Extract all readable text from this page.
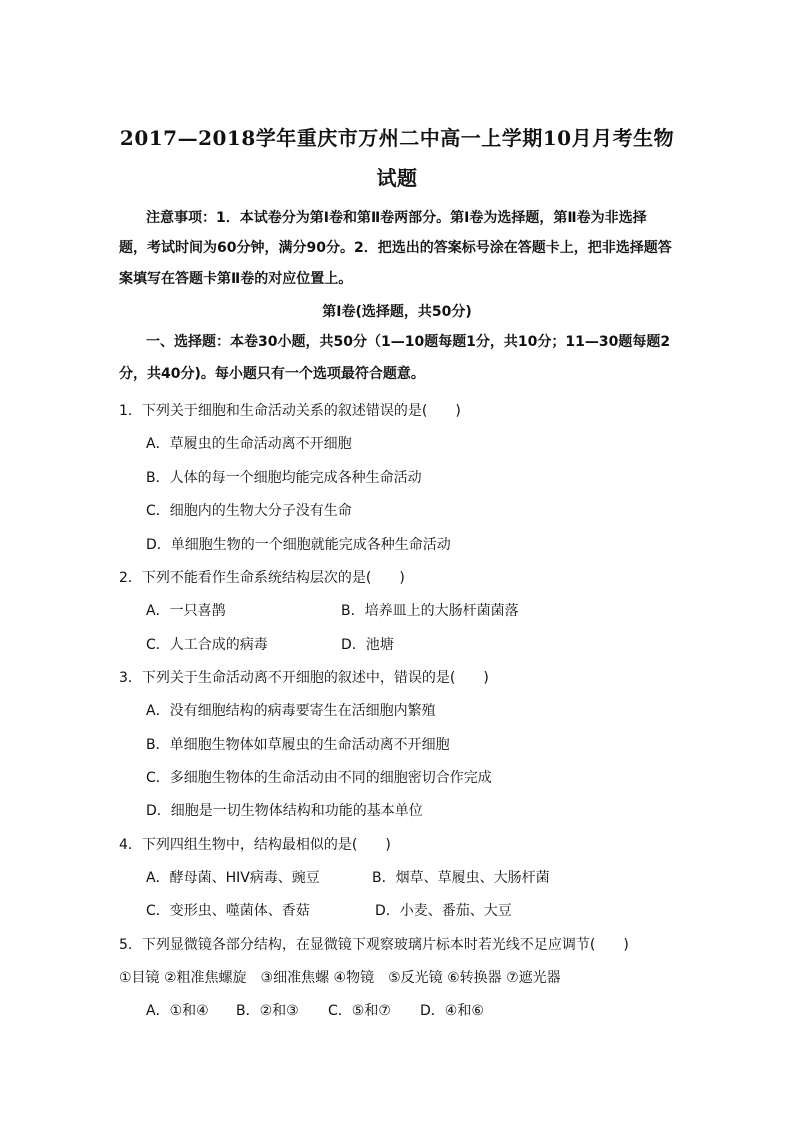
2017—2018学年重庆市万州二中高一上学期10月月考生物
试题
注意事项：1．本试卷分为第Ⅰ卷和第Ⅱ卷两部分。第Ⅰ卷为选择题，第Ⅱ卷为非选择
题，考试时间为60分钟，满分90分。2．把选出的答案标号涂在答题卡上，把非选择题答
案填写在答题卡第Ⅱ卷的对应位置上。
第Ⅰ卷(选择题，共50分)
一、选择题：本卷30小题，共50分（1—10题每题1分，共10分；11—30题每题2
分，共40分)。每小题只有一个选项最符合题意。
1．下列关于细胞和生命活动关系的叙述错误的是(　　)
A．草履虫的生命活动离不开细胞
B．人体的每一个细胞均能完成各种生命活动
C．细胞内的生物大分子没有生命
D．单细胞生物的一个细胞就能完成各种生命活动
2．下列不能看作生命系统结构层次的是(　　)
A．一只喜鹊	B．培养皿上的大肠杆菌菌落
C．人工合成的病毒	D．池塘
3．下列关于生命活动离不开细胞的叙述中，错误的是(　　)
A．没有细胞结构的病毒要寄生在活细胞内繁殖
B．单细胞生物体如草履虫的生命活动离不开细胞
C．多细胞生物体的生命活动由不同的细胞密切合作完成
D．细胞是一切生物体结构和功能的基本单位
4．下列四组生物中，结构最相似的是(　　)
A．酵母菌、HIV病毒、豌豆	B．烟草、草履虫、大肠杆菌
C．变形虫、噬菌体、香菇	D．小麦、番茄、大豆
5．下列显微镜各部分结构，在显微镜下观察玻璃片标本时若光线不足应调节(　　)
①目镜 ②粗准焦螺旋　③细准焦螺 ④物镜　⑤反光镜 ⑥转换器 ⑦遮光器
A．①和④ B．②和③ C．⑤和⑦ D．④和⑥
